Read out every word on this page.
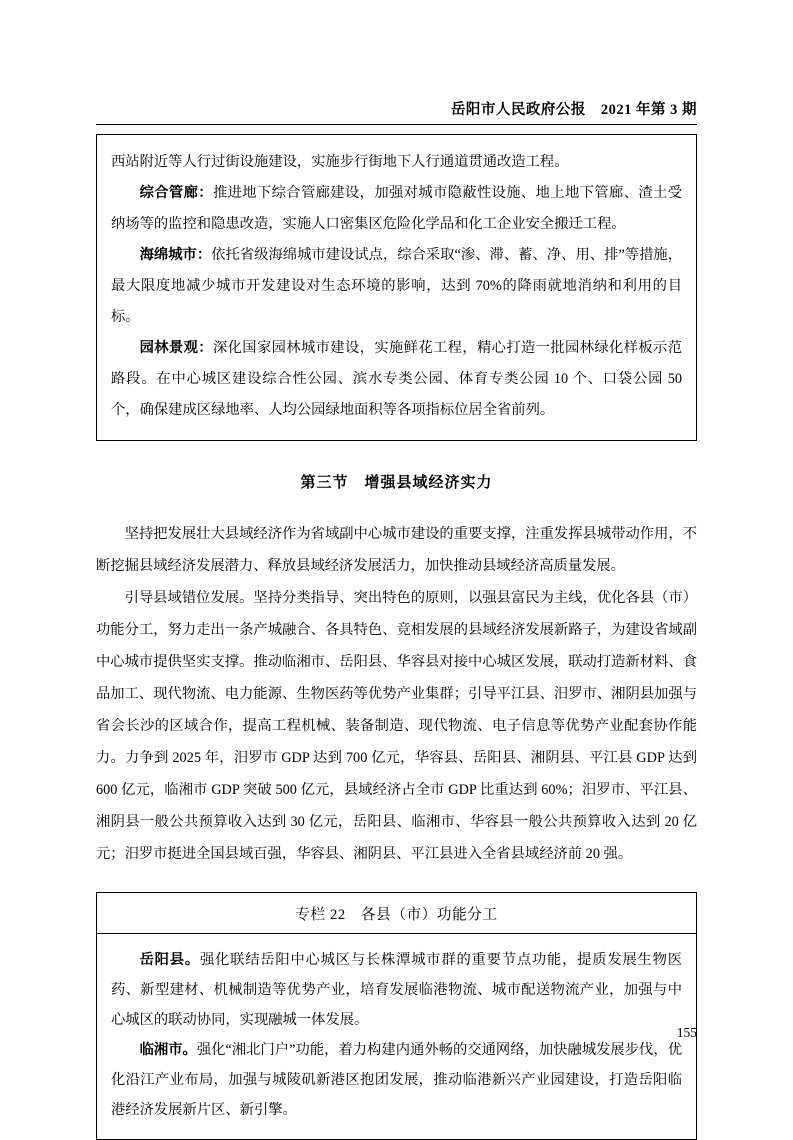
岳阳市人民政府公报　2021 年第 3 期

西站附近等人行过街设施建设，实施步行街地下人行通道贯通改造工程。

综合管廊：推进地下综合管廊建设，加强对城市隐蔽性设施、地上地下管廊、渣土受纳场等的监控和隐患改造，实施人口密集区危险化学品和化工企业安全搬迁工程。

海绵城市：依托省级海绵城市建设试点，综合采取“渗、滞、蓄、净、用、排”等措施，最大限度地减少城市开发建设对生态环境的影响，达到 70%的降雨就地消纳和利用的目标。

园林景观：深化国家园林城市建设，实施鲜花工程，精心打造一批园林绿化样板示范路段。在中心城区建设综合性公园、滨水专类公园、体育专类公园 10 个、口袋公园 50 个，确保建成区绿地率、人均公园绿地面积等各项指标位居全省前列。

第三节　增强县域经济实力

坚持把发展壮大县域经济作为省域副中心城市建设的重要支撑，注重发挥县城带动作用，不断挖掘县域经济发展潜力、释放县域经济发展活力，加快推动县域经济高质量发展。

引导县域错位发展。坚持分类指导、突出特色的原则，以强县富民为主线，优化各县（市）功能分工，努力走出一条产城融合、各具特色、竞相发展的县域经济发展新路子，为建设省域副中心城市提供坚实支撑。推动临湘市、岳阳县、华容县对接中心城区发展，联动打造新材料、食品加工、现代物流、电力能源、生物医药等优势产业集群；引导平江县、汨罗市、湘阴县加强与省会长沙的区域合作，提高工程机械、装备制造、现代物流、电子信息等优势产业配套协作能力。力争到 2025 年，汨罗市 GDP 达到 700 亿元，华容县、岳阳县、湘阴县、平江县 GDP 达到 600 亿元，临湘市 GDP 突破 500 亿元，县域经济占全市 GDP 比重达到 60%；汨罗市、平江县、湘阴县一般公共预算收入达到 30 亿元，岳阳县、临湘市、华容县一般公共预算收入达到 20 亿元；汨罗市挺进全国县域百强，华容县、湘阴县、平江县进入全省县域经济前 20 强。

专栏 22　各县（市）功能分工

岳阳县。强化联结岳阳中心城区与长株潭城市群的重要节点功能，提质发展生物医药、新型建材、机械制造等优势产业，培育发展临港物流、城市配送物流产业，加强与中心城区的联动协同，实现融城一体发展。

临湘市。强化“湘北门户”功能，着力构建内通外畅的交通网络，加快融城发展步伐，优化沿江产业布局，加强与城陵矶新港区抱团发展，推动临港新兴产业园建设，打造岳阳临港经济发展新片区、新引擎。

155
